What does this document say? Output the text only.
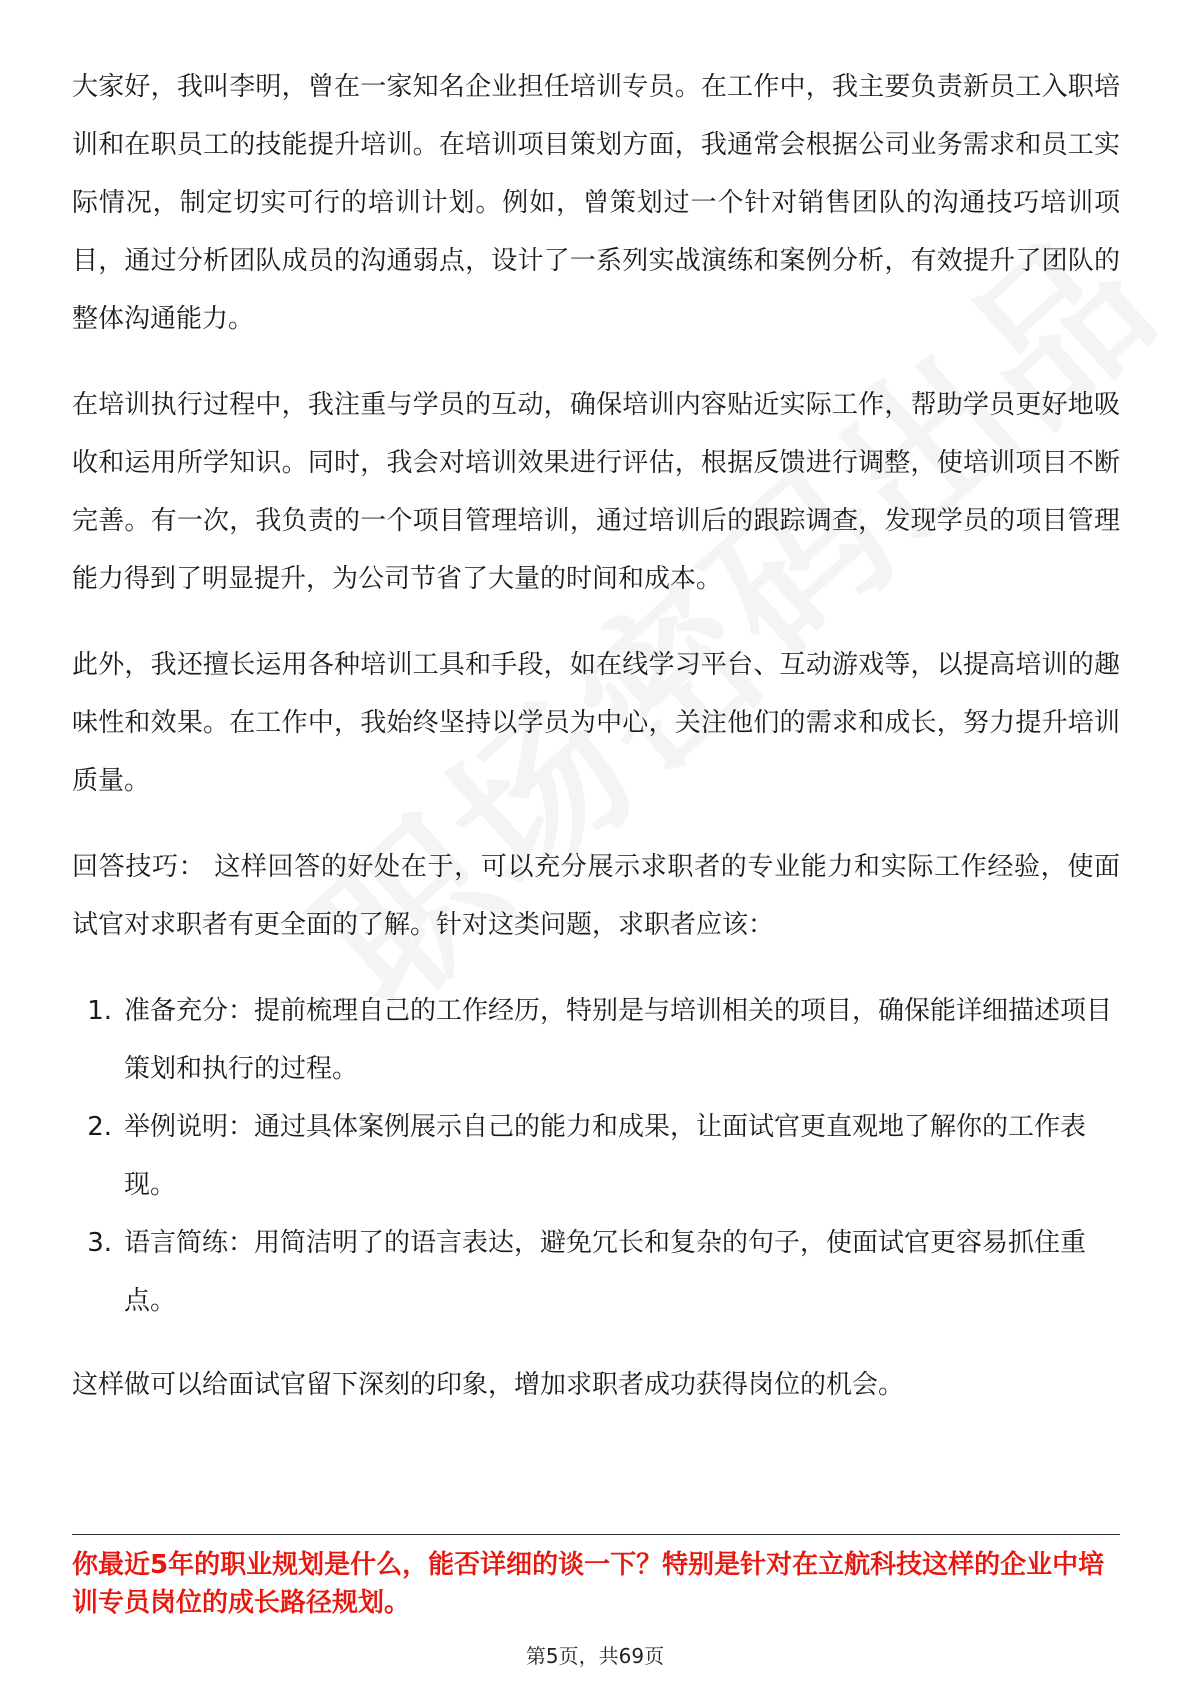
大家好，我叫李明，曾在一家知名企业担任培训专员。在工作中，我主要负责新员工入职培训和在职员工的技能提升培训。在培训项目策划方面，我通常会根据公司业务需求和员工实际情况，制定切实可行的培训计划。例如，曾策划过一个针对销售团队的沟通技巧培训项目，通过分析团队成员的沟通弱点，设计了一系列实战演练和案例分析，有效提升了团队的整体沟通能力。

在培训执行过程中，我注重与学员的互动，确保培训内容贴近实际工作，帮助学员更好地吸收和运用所学知识。同时，我会对培训效果进行评估，根据反馈进行调整，使培训项目不断完善。有一次，我负责的一个项目管理培训，通过培训后的跟踪调查，发现学员的项目管理能力得到了明显提升，为公司节省了大量的时间和成本。

此外，我还擅长运用各种培训工具和手段，如在线学习平台、互动游戏等，以提高培训的趣味性和效果。在工作中，我始终坚持以学员为中心，关注他们的需求和成长，努力提升培训质量。

回答技巧： 这样回答的好处在于，可以充分展示求职者的专业能力和实际工作经验，使面试官对求职者有更全面的了解。针对这类问题，求职者应该：

1. 准备充分：提前梳理自己的工作经历，特别是与培训相关的项目，确保能详细描述项目策划和执行的过程。
2. 举例说明：通过具体案例展示自己的能力和成果，让面试官更直观地了解你的工作表现。
3. 语言简练：用简洁明了的语言表达，避免冗长和复杂的句子，使面试官更容易抓住重点。

这样做可以给面试官留下深刻的印象，增加求职者成功获得岗位的机会。

你最近5年的职业规划是什么，能否详细的谈一下？特别是针对在立航科技这样的企业中培训专员岗位的成长路径规划。
第5页，共69页
